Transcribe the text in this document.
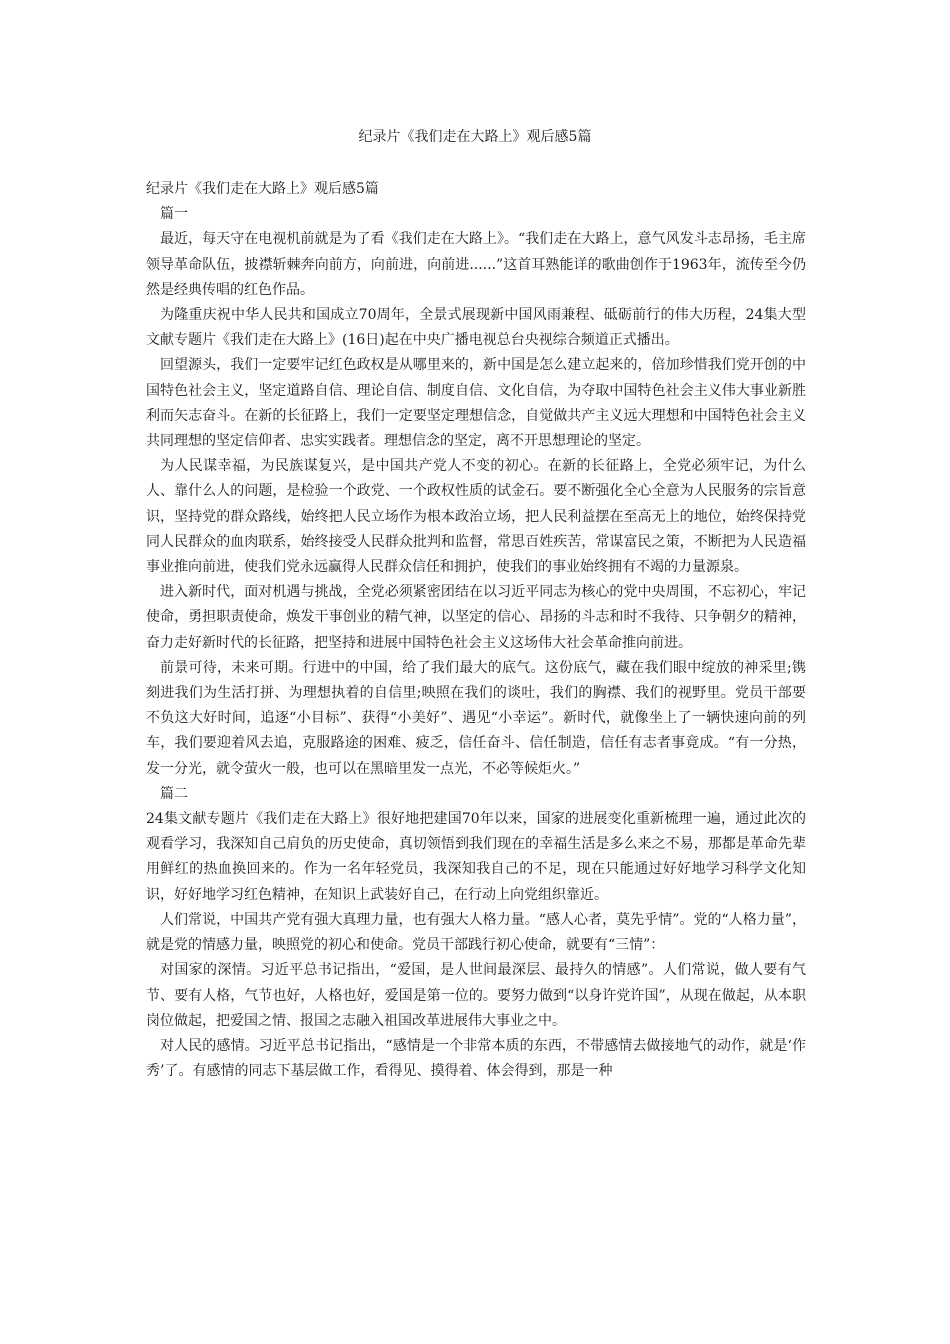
纪录片《我们走在大路上》观后感5篇

纪录片《我们走在大路上》观后感5篇

篇一

最近，每天守在电视机前就是为了看《我们走在大路上》。“我们走在大路上，意气风发斗志昂扬，毛主席领导革命队伍，披襟斩棘奔向前方，向前进，向前进......”这首耳熟能详的歌曲创作于1963年，流传至今仍然是经典传唱的红色作品。

为隆重庆祝中华人民共和国成立70周年，全景式展现新中国风雨兼程、砥砺前行的伟大历程，24集大型文献专题片《我们走在大路上》(16日)起在中央广播电视总台央视综合频道正式播出。

回望源头，我们一定要牢记红色政权是从哪里来的，新中国是怎么建立起来的，倍加珍惜我们党开创的中国特色社会主义，坚定道路自信、理论自信、制度自信、文化自信，为夺取中国特色社会主义伟大事业新胜利而矢志奋斗。在新的长征路上，我们一定要坚定理想信念，自觉做共产主义远大理想和中国特色社会主义共同理想的坚定信仰者、忠实实践者。理想信念的坚定，离不开思想理论的坚定。

为人民谋幸福，为民族谋复兴，是中国共产党人不变的初心。在新的长征路上，全党必须牢记，为什么人、靠什么人的问题，是检验一个政党、一个政权性质的试金石。要不断强化全心全意为人民服务的宗旨意识，坚持党的群众路线，始终把人民立场作为根本政治立场，把人民利益摆在至高无上的地位，始终保持党同人民群众的血肉联系，始终接受人民群众批判和监督，常思百姓疾苦，常谋富民之策，不断把为人民造福事业推向前进，使我们党永远赢得人民群众信任和拥护，使我们的事业始终拥有不竭的力量源泉。

进入新时代，面对机遇与挑战，全党必须紧密团结在以习近平同志为核心的党中央周围，不忘初心，牢记使命，勇担职责使命，焕发干事创业的精气神，以坚定的信心、昂扬的斗志和时不我待、只争朝夕的精神，奋力走好新时代的长征路，把坚持和进展中国特色社会主义这场伟大社会革命推向前进。

前景可待，未来可期。行进中的中国，给了我们最大的底气。这份底气，藏在我们眼中绽放的神采里;镌刻进我们为生活打拼、为理想执着的自信里;映照在我们的谈吐，我们的胸襟、我们的视野里。党员干部要不负这大好时间，追逐“小目标”、获得“小美好”、遇见“小幸运”。新时代，就像坐上了一辆快速向前的列车，我们要迎着风去追，克服路途的困难、疲乏，信任奋斗、信任制造，信任有志者事竟成。“有一分热，发一分光，就令萤火一般，也可以在黑暗里发一点光，不必等候炬火。”

篇二

24集文献专题片《我们走在大路上》很好地把建国70年以来，国家的进展变化重新梳理一遍，通过此次的观看学习，我深知自己肩负的历史使命，真切领悟到我们现在的幸福生活是多么来之不易，那都是革命先辈用鲜红的热血换回来的。作为一名年轻党员，我深知我自己的不足，现在只能通过好好地学习科学文化知识，好好地学习红色精神，在知识上武装好自己，在行动上向党组织靠近。

人们常说，中国共产党有强大真理力量，也有强大人格力量。“感人心者，莫先乎情”。党的“人格力量”，就是党的情感力量，映照党的初心和使命。党员干部践行初心使命，就要有“三情”：

对国家的深情。习近平总书记指出，“爱国，是人世间最深层、最持久的情感”。人们常说，做人要有气节、要有人格，气节也好，人格也好，爱国是第一位的。要努力做到“以身许党许国”，从现在做起，从本职岗位做起，把爱国之情、报国之志融入祖国改革进展伟大事业之中。

对人民的感情。习近平总书记指出，“感情是一个非常本质的东西，不带感情去做接地气的动作，就是‘作秀’了。有感情的同志下基层做工作，看得见、摸得着、体会得到，那是一种
